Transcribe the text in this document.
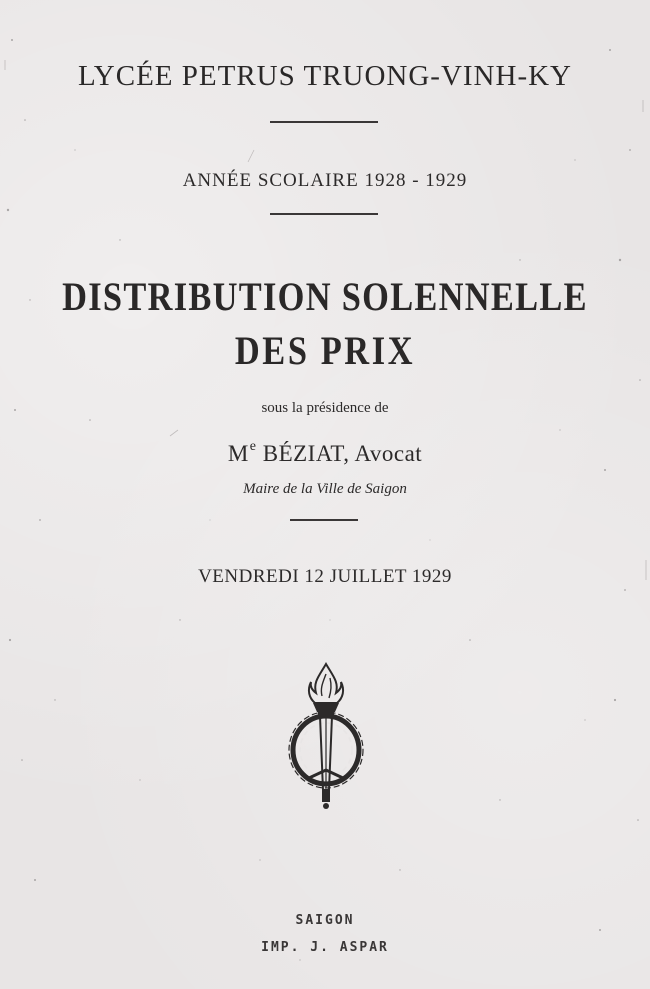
LYCÉE PETRUS TRUONG-VINH-KY
ANNÉE SCOLAIRE 1928 - 1929
DISTRIBUTION SOLENNELLE
DES PRIX
sous la présidence de
Me BÉZIAT, Avocat
Maire de la Ville de Saigon
VENDREDI 12 JUILLET 1929
SAIGON
IMP. J. ASPAR
